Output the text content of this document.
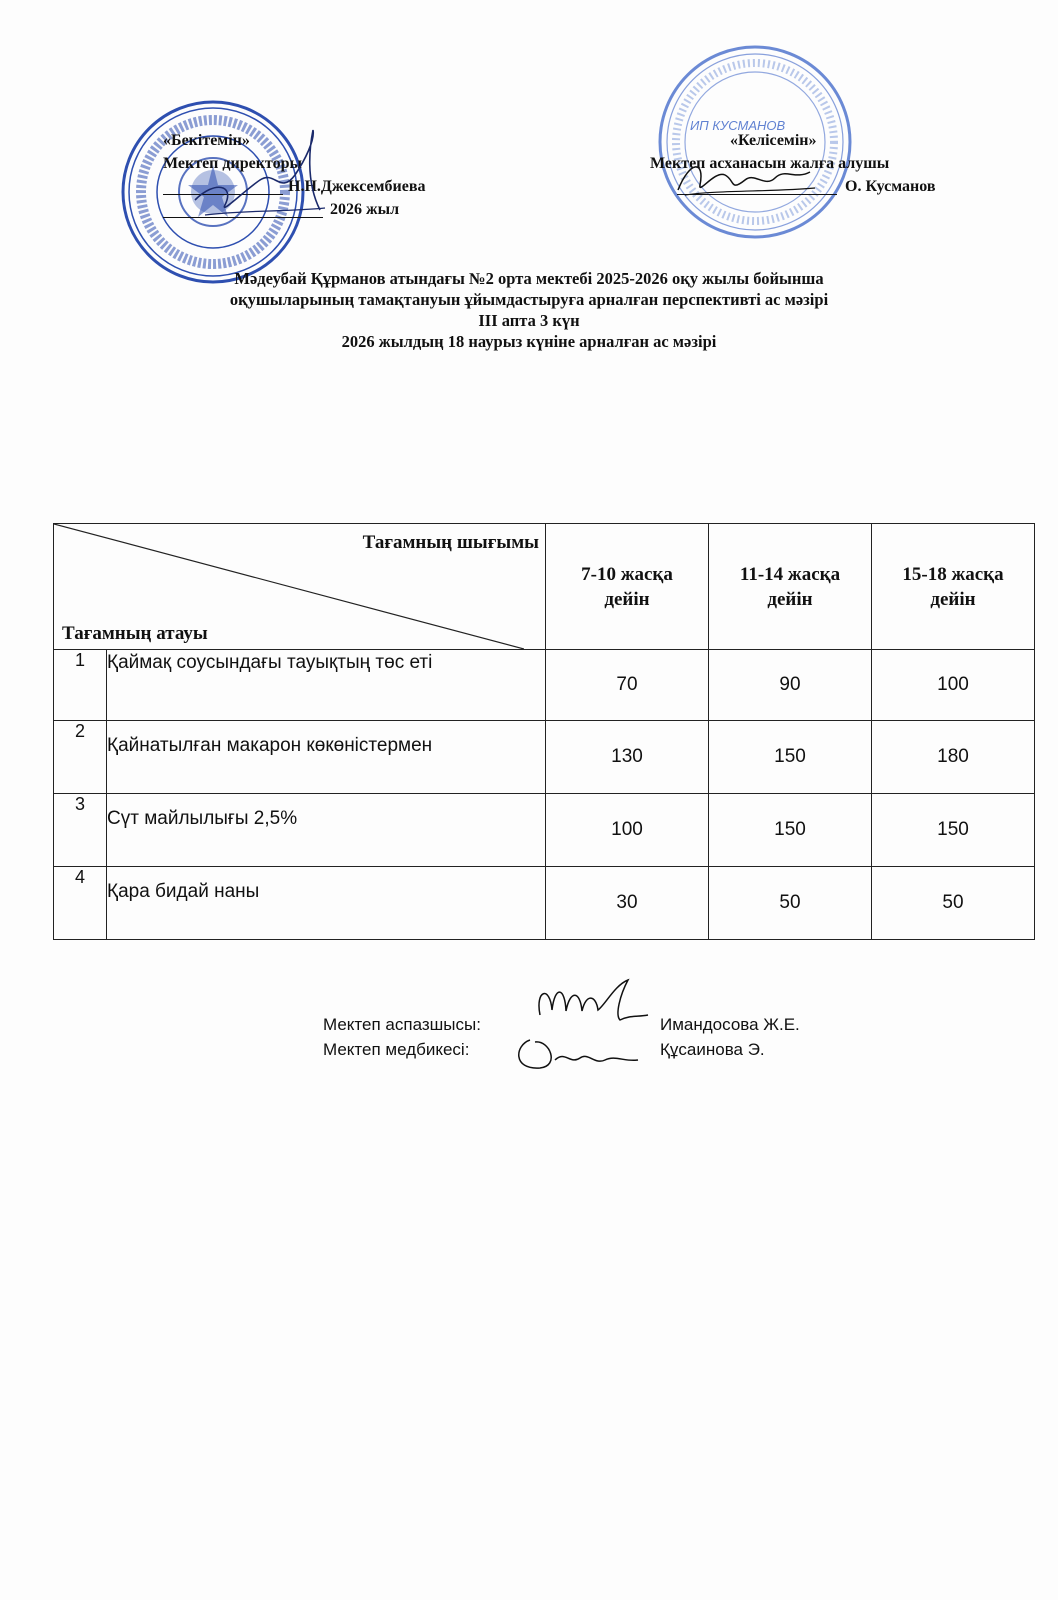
ИП КУСМАНОВ
«Бекітемін»
Мектеп директоры
Н.Н.Джексембиева
2026 жыл
«Келісемін»
Мектеп асханасын жалға алушы
О. Кусманов
Мәдеубай Құрманов атындағы №2 орта мектебі 2025-2026 оқу жылы бойынша
оқушыларының тамақтануын ұйымдастыруға арналған перспективті ас мәзірі
ІІІ апта 3 күн
2026 жылдың 18 наурыз күніне арналған ас мәзірі
Тағамның шығымы
Тағамның атауы		7-10 жасқа дейін	11-14 жасқа дейін	15-18 жасқа дейін
1	Қаймақ соусындағы тауықтың төс еті	70	90	100
2	Қайнатылған макарон көкөністермен	130	150	180
3	Сүт майлылығы 2,5%	100	150	150
4	Қара бидай наны	30	50	50
Мектеп аспазшысы:	Имандосова Ж.Е.
Мектеп медбикесі:	Құсаинова Э.
